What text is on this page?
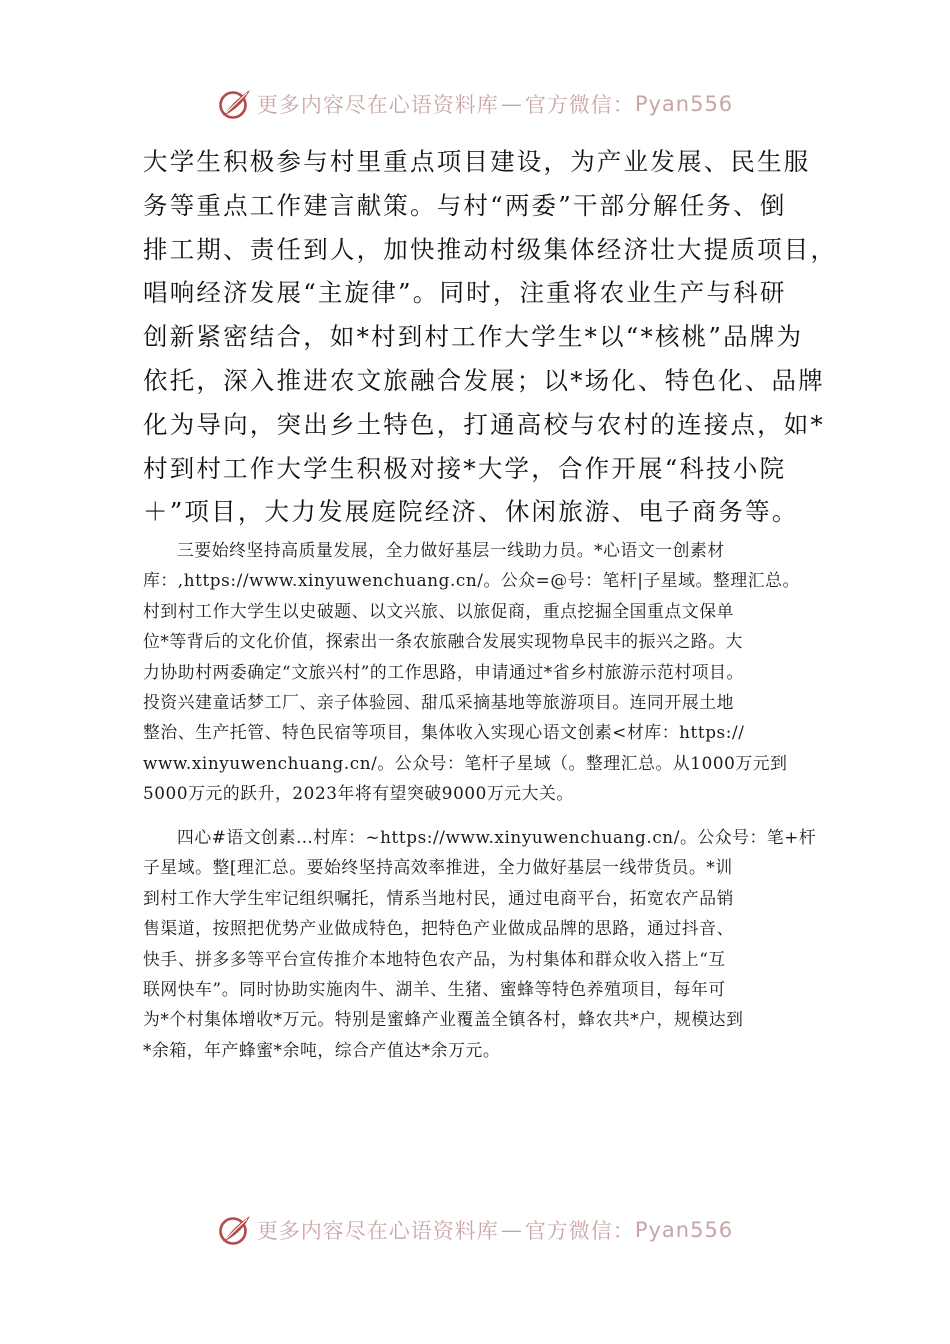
更多内容尽在心语资料库 — 官方微信： Pyan556
大学生积极参与村里重点项目建设，为产业发展、民生服
务等重点工作建言献策。与村“两委”干部分解任务、倒
排工期、责任到人，加快推动村级集体经济壮大提质项目，
唱响经济发展“主旋律”。同时，注重将农业生产与科研
创新紧密结合，如*村到村工作大学生*以“*核桃”品牌为
依托，深入推进农文旅融合发展；以*场化、特色化、品牌
化为导向，突出乡土特色，打通高校与农村的连接点，如*
村到村工作大学生积极对接*大学，合作开展“科技小院
＋”项目，大力发展庭院经济、休闲旅游、电子商务等。
三要始终坚持高质量发展，全力做好基层一线助力员。*心语文一创素材
库：,https://www.xinyuwenchuang.cn/。公众=@号：笔杆|子星域。整理汇总。
村到村工作大学生以史破题、以文兴旅、以旅促商，重点挖掘全国重点文保单
位*等背后的文化价值，探索出一条农旅融合发展实现物阜民丰的振兴之路。大
力协助村两委确定“文旅兴村”的工作思路，申请通过*省乡村旅游示范村项目。
投资兴建童话梦工厂、亲子体验园、甜瓜采摘基地等旅游项目。连同开展土地
整治、生产托管、特色民宿等项目，集体收入实现心语文创素<材库：https://
www.xinyuwenchuang.cn/。公众号：笔杆子星域（。整理汇总。从1000万元到
5000万元的跃升，2023年将有望突破9000万元大关。
四心#语文创素…村库：~https://www.xinyuwenchuang.cn/。公众号：笔+杆
子星域。整[理汇总。要始终坚持高效率推进，全力做好基层一线带货员。*训
到村工作大学生牢记组织嘱托，情系当地村民，通过电商平台，拓宽农产品销
售渠道，按照把优势产业做成特色，把特色产业做成品牌的思路，通过抖音、
快手、拼多多等平台宣传推介本地特色农产品，为村集体和群众收入搭上“互
联网快车”。同时协助实施肉牛、湖羊、生猪、蜜蜂等特色养殖项目，每年可
为*个村集体增收*万元。特别是蜜蜂产业覆盖全镇各村，蜂农共*户，规模达到
*余箱，年产蜂蜜*余吨，综合产值达*余万元。
更多内容尽在心语资料库 — 官方微信： Pyan556
